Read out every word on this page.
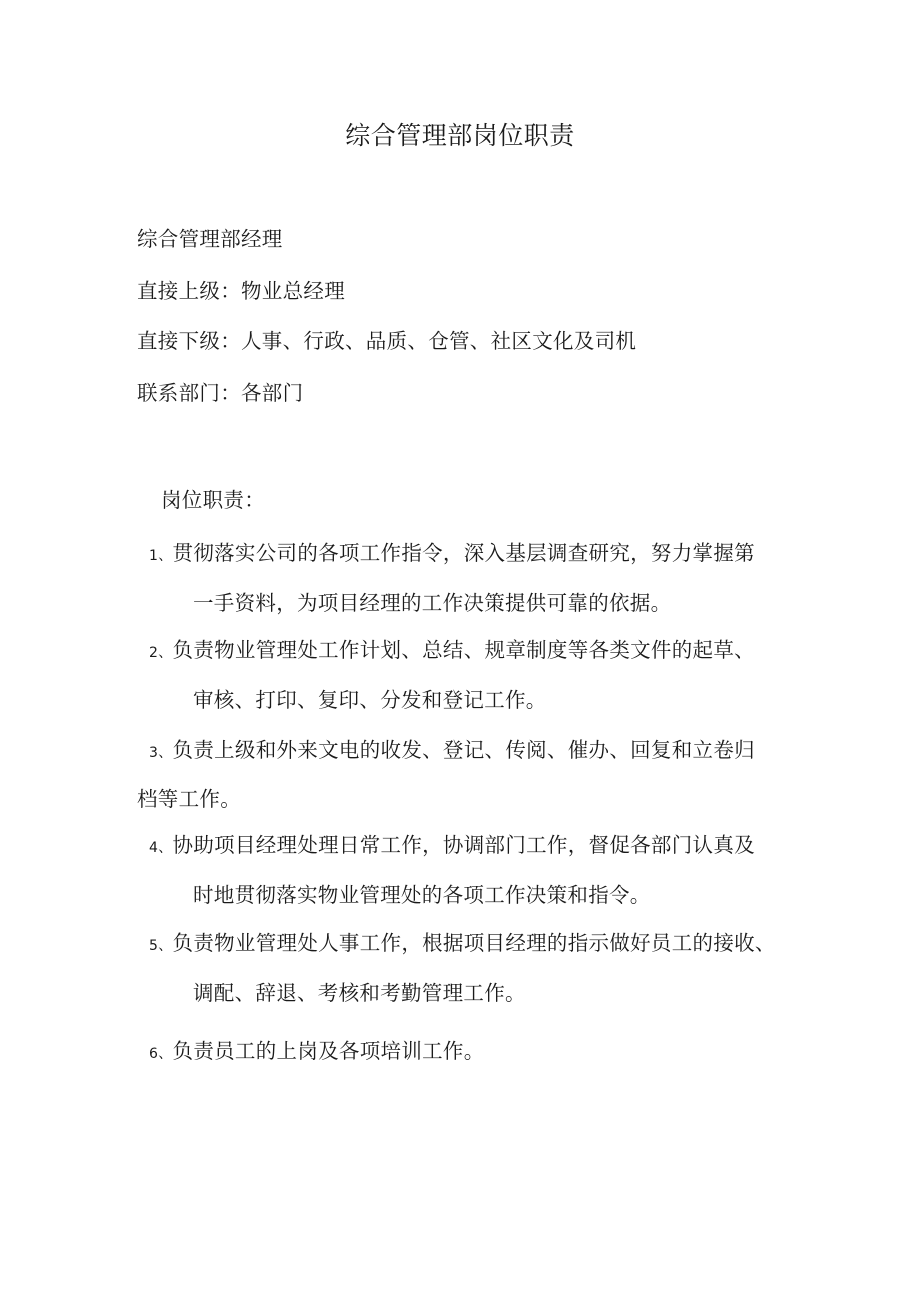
综合管理部岗位职责
综合管理部经理
直接上级：物业总经理
直接下级：人事、行政、品质、仓管、社区文化及司机
联系部门：各部门
岗位职责：
1、贯彻落实公司的各项工作指令，深入基层调查研究，努力掌握第
一手资料，为项目经理的工作决策提供可靠的依据。
2、负责物业管理处工作计划、总结、规章制度等各类文件的起草、
审核、打印、复印、分发和登记工作。
3、负责上级和外来文电的收发、登记、传阅、催办、回复和立卷归
档等工作。
4、协助项目经理处理日常工作，协调部门工作，督促各部门认真及
时地贯彻落实物业管理处的各项工作决策和指令。
5、负责物业管理处人事工作，根据项目经理的指示做好员工的接收、
调配、辞退、考核和考勤管理工作。
6、负责员工的上岗及各项培训工作。
